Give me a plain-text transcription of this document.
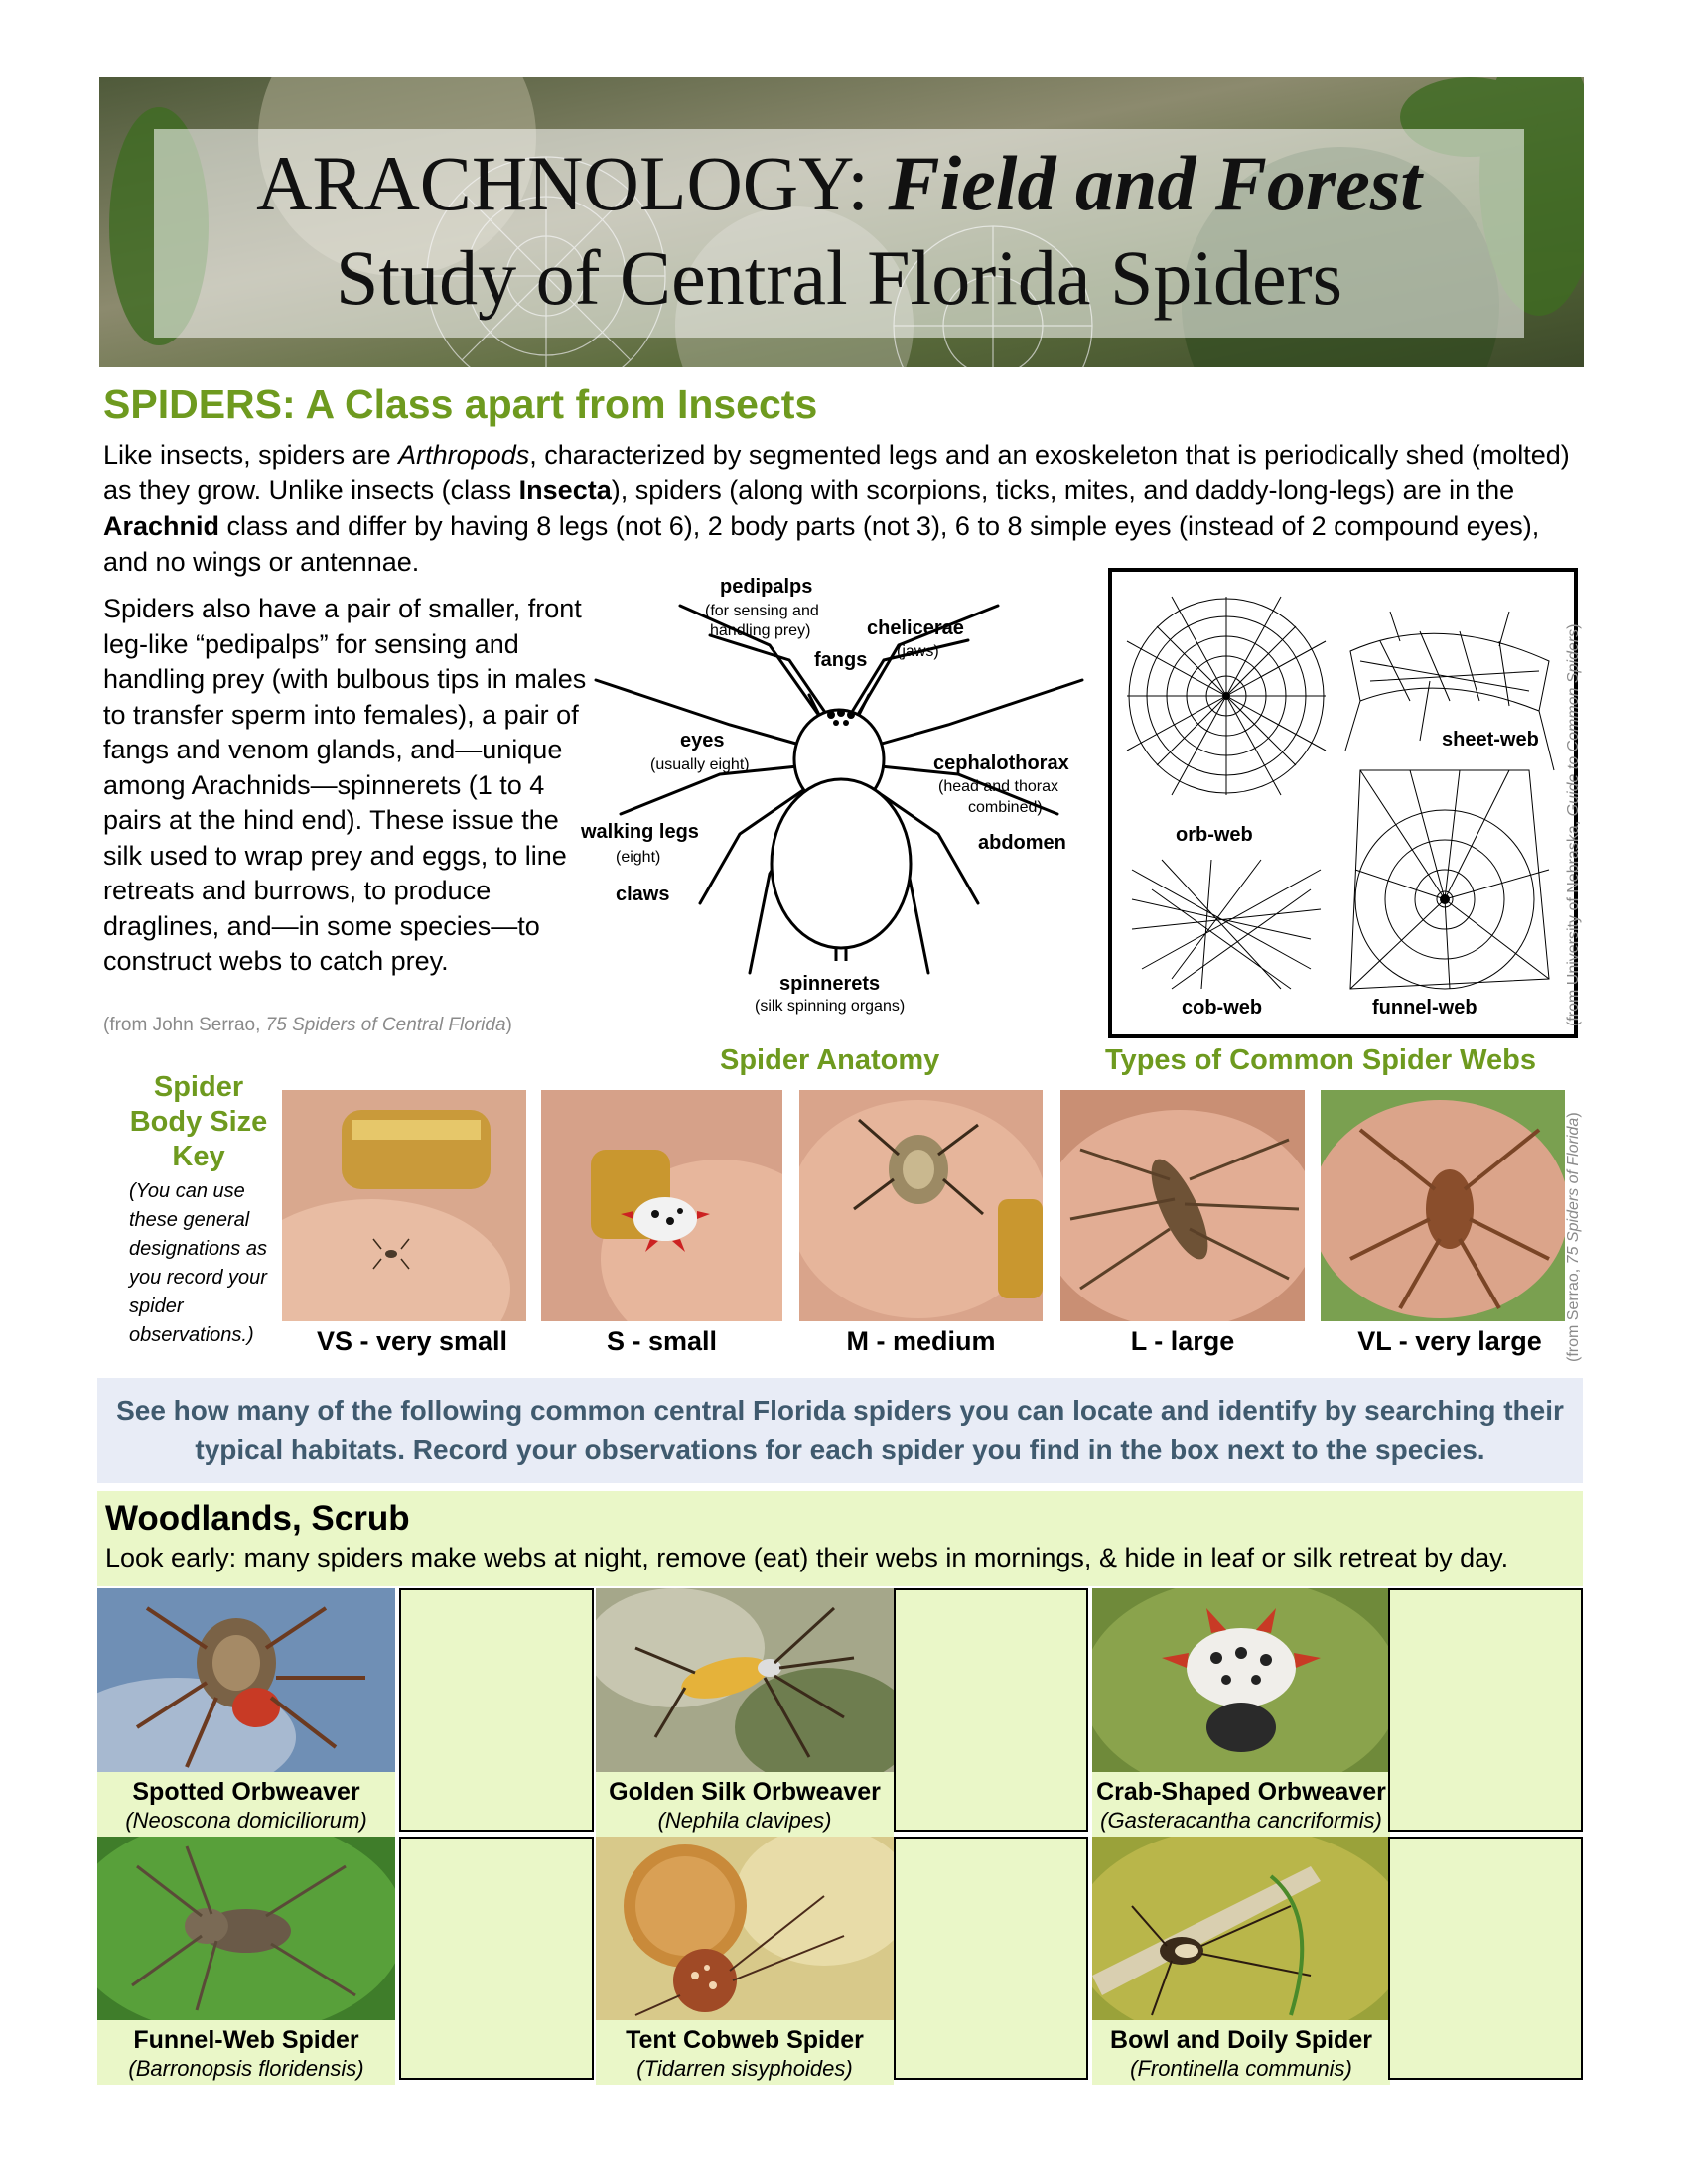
ARACHNOLOGY: Field and Forest
Study of Central Florida Spiders
SPIDERS: A Class apart from Insects
Like insects, spiders are Arthropods, characterized by segmented legs and an exoskeleton that is periodically shed (molted) as they grow. Unlike insects (class Insecta), spiders (along with scorpions, ticks, mites, and daddy-long-legs) are in the Arachnid class and differ by having 8 legs (not 6), 2 body parts (not 3), 6 to 8 simple eyes (instead of 2 compound eyes), and no wings or antennae.
Spiders also have a pair of smaller, front leg-like “pedipalps” for sensing and handling prey (with bulbous tips in males to transfer sperm into females), a pair of fangs and venom glands, and—unique among Arachnids—spinnerets (1 to 4 pairs at the hind end). These issue the silk used to wrap prey and eggs, to line retreats and burrows, to produce draglines, and—in some species—to construct webs to catch prey.
(from John Serrao, 75 Spiders of Central Florida)
pedipalps
(for sensing and
handling prey)	chelicerae
(jaws)
fangs
eyes
(usually eight)	cephalothorax
(head and thorax
combined)
walking legs
(eight)
abdomen
claws
spinnerets
(silk spinning organs)
Spider Anatomy
sheet-web
orb-web
cob-web	funnel-web
Types of Common Spider Webs
(from University of Nebraska, Guide to Common Spiders)
Spider
Body Size
Key
(You can use these general designations as you record your spider observations.)	VS - very small	S - small	M - medium	L - large	VL - very large	(from Serrao, 75 Spiders of Florida)
See how many of the following common central Florida spiders you can locate and identify by searching their typical habitats. Record your observations for each spider you find in the box next to the species.
Woodlands, Scrub
Look early: many spiders make webs at night, remove (eat) their webs in mornings, & hide in leaf or silk retreat by day.
Spotted Orbweaver
(Neoscona domiciliorum)
Golden Silk Orbweaver
(Nephila clavipes)
Crab-Shaped Orbweaver
(Gasteracantha cancriformis)
Funnel-Web Spider
(Barronopsis floridensis)
Tent Cobweb Spider
(Tidarren sisyphoides)
Bowl and Doily Spider
(Frontinella communis)
